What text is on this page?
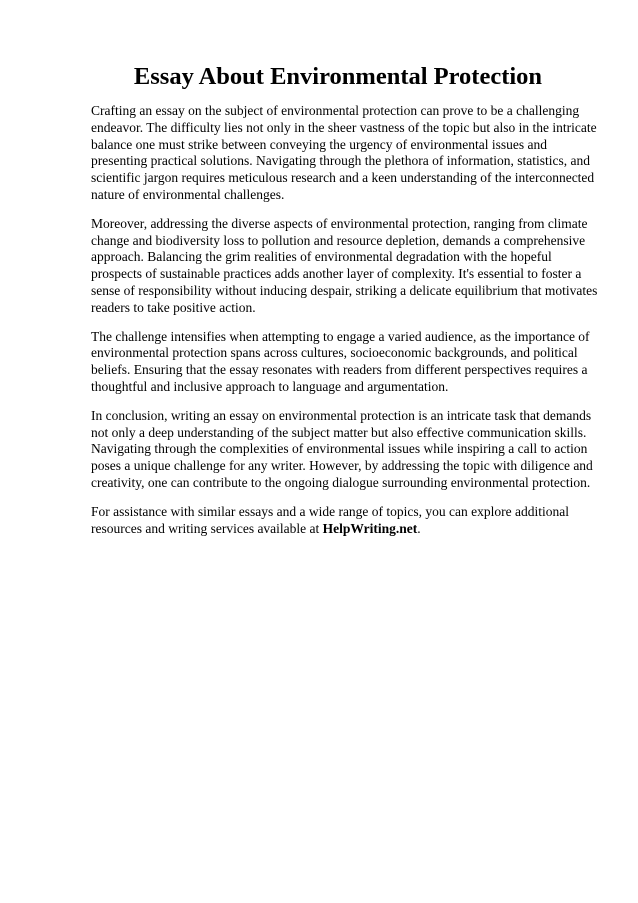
Essay About Environmental Protection

Crafting an essay on the subject of environmental protection can prove to be a challenging endeavor. The difficulty lies not only in the sheer vastness of the topic but also in the intricate balance one must strike between conveying the urgency of environmental issues and presenting practical solutions. Navigating through the plethora of information, statistics, and scientific jargon requires meticulous research and a keen understanding of the interconnected nature of environmental challenges.

Moreover, addressing the diverse aspects of environmental protection, ranging from climate change and biodiversity loss to pollution and resource depletion, demands a comprehensive approach. Balancing the grim realities of environmental degradation with the hopeful prospects of sustainable practices adds another layer of complexity. It's essential to foster a sense of responsibility without inducing despair, striking a delicate equilibrium that motivates readers to take positive action.

The challenge intensifies when attempting to engage a varied audience, as the importance of environmental protection spans across cultures, socioeconomic backgrounds, and political beliefs. Ensuring that the essay resonates with readers from different perspectives requires a thoughtful and inclusive approach to language and argumentation.

In conclusion, writing an essay on environmental protection is an intricate task that demands not only a deep understanding of the subject matter but also effective communication skills. Navigating through the complexities of environmental issues while inspiring a call to action poses a unique challenge for any writer. However, by addressing the topic with diligence and creativity, one can contribute to the ongoing dialogue surrounding environmental protection.

For assistance with similar essays and a wide range of topics, you can explore additional resources and writing services available at HelpWriting.net.
